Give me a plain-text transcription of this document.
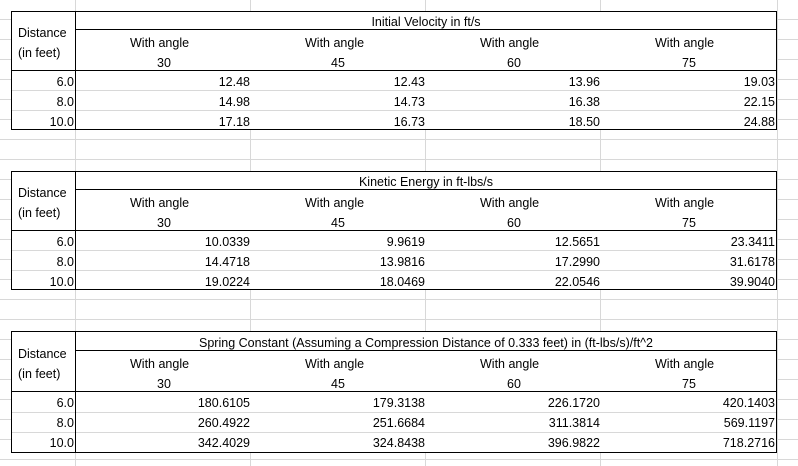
Distance
(in feet)
Initial Velocity in ft/s
With angle	With angle	With angle	With angle
30	45	60	75
6.0	12.48	12.43	13.96	19.03
8.0	14.98	14.73	16.38	22.15
10.0	17.18	16.73	18.50	24.88
Distance
(in feet)
Kinetic Energy in ft-lbs/s
With angle	With angle	With angle	With angle
30	45	60	75
6.0	10.0339	9.9619	12.5651	23.3411
8.0	14.4718	13.9816	17.2990	31.6178
10.0	19.0224	18.0469	22.0546	39.9040
Distance
(in feet)
Spring Constant (Assuming a Compression Distance of 0.333 feet) in (ft-lbs/s)/ft^2
With angle	With angle	With angle	With angle
30	45	60	75
6.0	180.6105	179.3138	226.1720	420.1403
8.0	260.4922	251.6684	311.3814	569.1197
10.0	342.4029	324.8438	396.9822	718.2716
